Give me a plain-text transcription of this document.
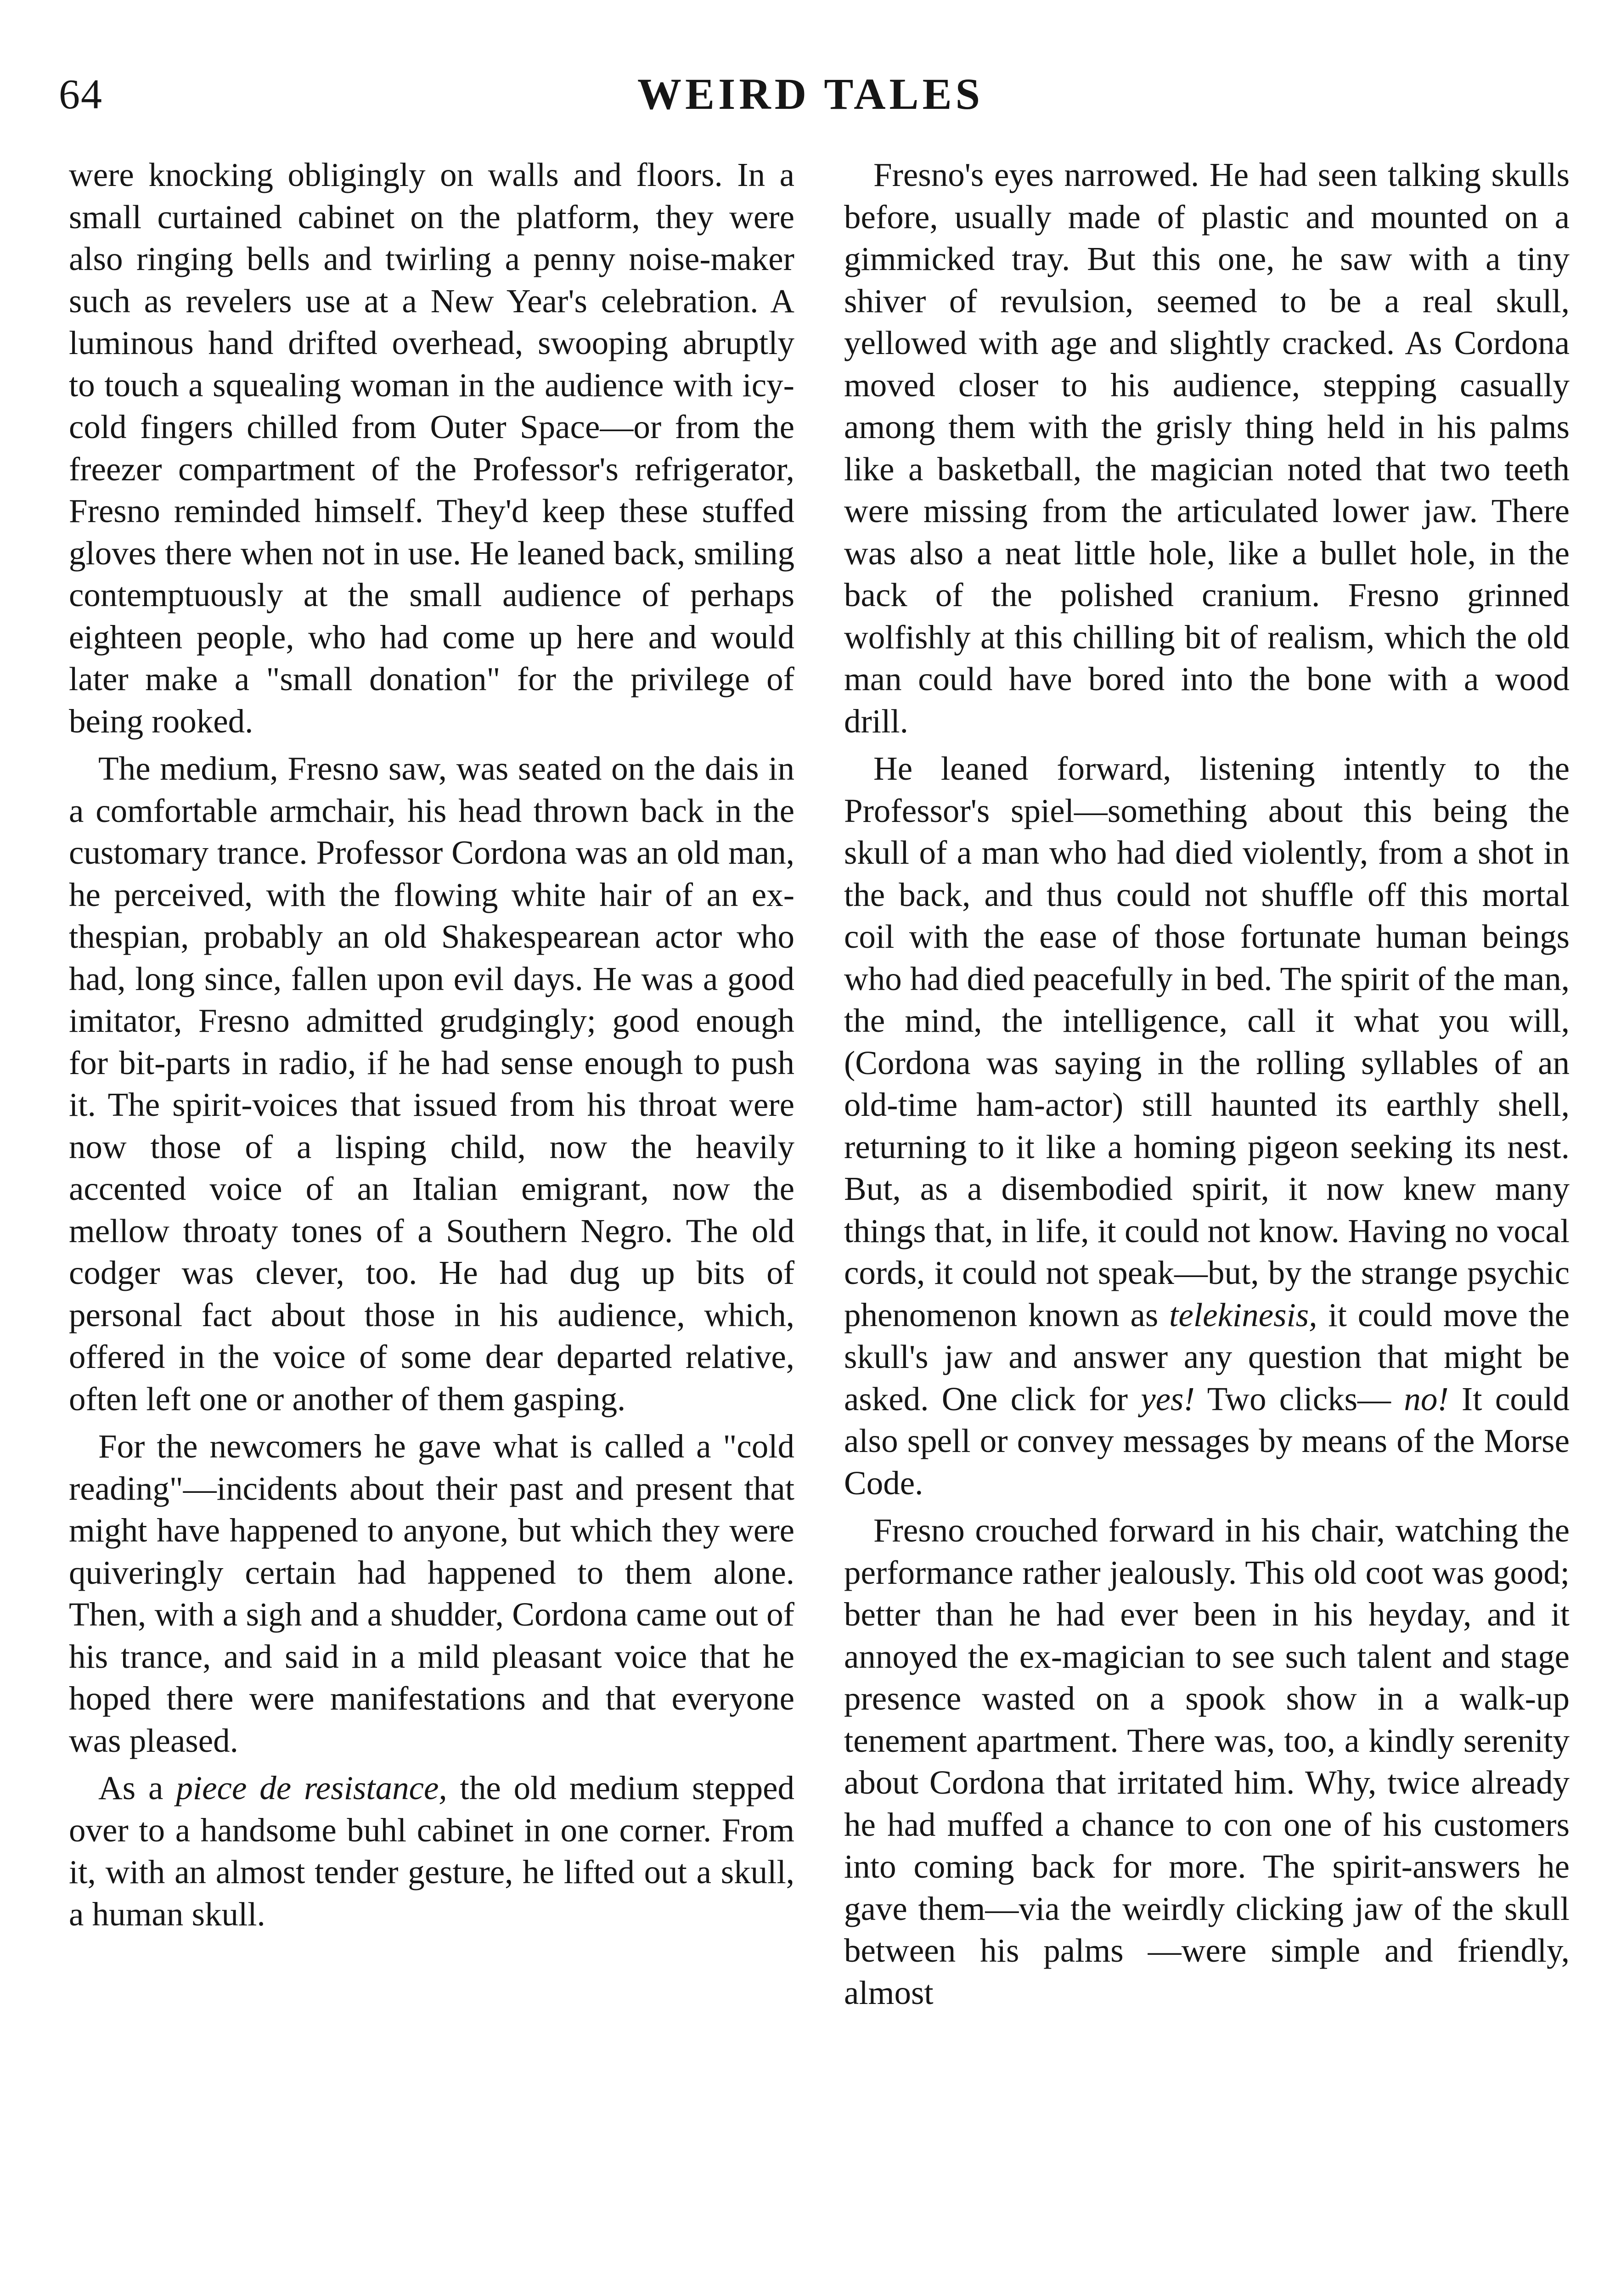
64	WEIRD TALES

were knocking obligingly on walls and floors. In a small curtained cabinet on the platform, they were also ringing bells and twirling a penny noise-maker such as revelers use at a New Year's celebration. A luminous hand drifted overhead, swooping abruptly to touch a squealing woman in the audience with icy-cold fingers chilled from Outer Space—or from the freezer compartment of the Professor's refrigerator, Fresno reminded himself. They'd keep these stuffed gloves there when not in use. He leaned back, smiling contemptuously at the small audience of perhaps eighteen people, who had come up here and would later make a "small donation" for the privilege of being rooked.

The medium, Fresno saw, was seated on the dais in a comfortable armchair, his head thrown back in the customary trance. Professor Cordona was an old man, he perceived, with the flowing white hair of an ex-thespian, probably an old Shakespearean actor who had, long since, fallen upon evil days. He was a good imitator, Fresno admitted grudgingly; good enough for bit-parts in radio, if he had sense enough to push it. The spirit-voices that issued from his throat were now those of a lisping child, now the heavily accented voice of an Italian emigrant, now the mellow throaty tones of a Southern Negro. The old codger was clever, too. He had dug up bits of personal fact about those in his audience, which, offered in the voice of some dear departed relative, often left one or another of them gasping.

For the newcomers he gave what is called a "cold reading"—incidents about their past and present that might have happened to anyone, but which they were quiveringly certain had happened to them alone. Then, with a sigh and a shudder, Cordona came out of his trance, and said in a mild pleasant voice that he hoped there were manifestations and that everyone was pleased.

As a piece de resistance, the old medium stepped over to a handsome buhl cabinet in one corner. From it, with an almost tender gesture, he lifted out a skull, a human skull.

Fresno's eyes narrowed. He had seen talking skulls before, usually made of plastic and mounted on a gimmicked tray. But this one, he saw with a tiny shiver of revulsion, seemed to be a real skull, yellowed with age and slightly cracked. As Cordona moved closer to his audience, stepping casually among them with the grisly thing held in his palms like a basketball, the magician noted that two teeth were missing from the articulated lower jaw. There was also a neat little hole, like a bullet hole, in the back of the polished cranium. Fresno grinned wolfishly at this chilling bit of realism, which the old man could have bored into the bone with a wood drill.

He leaned forward, listening intently to the Professor's spiel—something about this being the skull of a man who had died violently, from a shot in the back, and thus could not shuffle off this mortal coil with the ease of those fortunate human beings who had died peacefully in bed. The spirit of the man, the mind, the intelligence, call it what you will, (Cordona was saying in the rolling syllables of an old-time ham-actor) still haunted its earthly shell, returning to it like a homing pigeon seeking its nest. But, as a disembodied spirit, it now knew many things that, in life, it could not know. Having no vocal cords, it could not speak—but, by the strange psychic phenomenon known as telekinesis, it could move the skull's jaw and answer any question that might be asked. One click for yes! Two clicks— no! It could also spell or convey messages by means of the Morse Code.

Fresno crouched forward in his chair, watching the performance rather jealously. This old coot was good; better than he had ever been in his heyday, and it annoyed the ex-magician to see such talent and stage presence wasted on a spook show in a walk-up tenement apartment. There was, too, a kindly serenity about Cordona that irritated him. Why, twice already he had muffed a chance to con one of his customers into coming back for more. The spirit-answers he gave them—via the weirdly clicking jaw of the skull between his palms —were simple and friendly, almost
